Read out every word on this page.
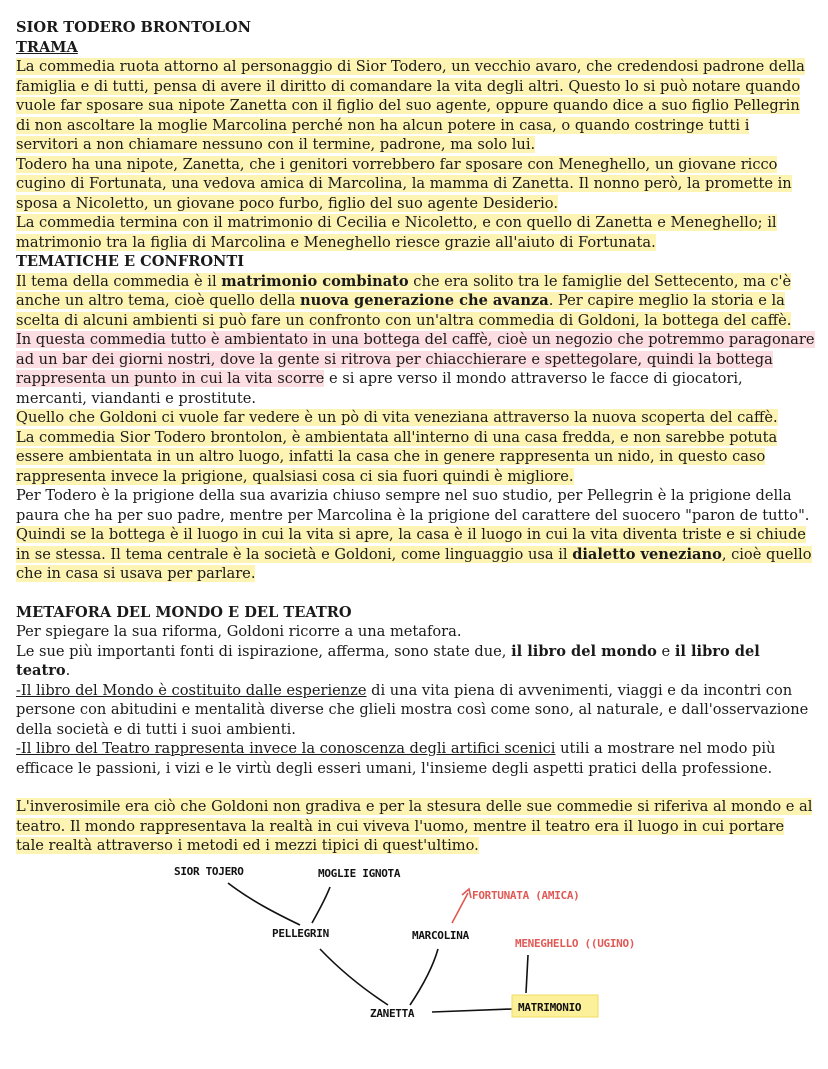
SIOR TODERO BRONTOLON

TRAMA

La commedia ruota attorno al personaggio di Sior Todero, un vecchio avaro, che credendosi padrone della famiglia e di tutti, pensa di avere il diritto di comandare la vita degli altri. Questo lo si può notare quando vuole far sposare sua nipote Zanetta con il figlio del suo agente, oppure quando dice a suo figlio Pellegrin di non ascoltare la moglie Marcolina perché non ha alcun potere in casa, o quando costringe tutti i servitori a non chiamare nessuno con il termine, padrone, ma solo lui.

Todero ha una nipote, Zanetta, che i genitori vorrebbero far sposare con Meneghello, un giovane ricco cugino di Fortunata, una vedova amica di Marcolina, la mamma di Zanetta. Il nonno però, la promette in sposa a Nicoletto, un giovane poco furbo, figlio del suo agente Desiderio.

La commedia termina con il matrimonio di Cecilia e Nicoletto, e con quello di Zanetta e Meneghello; il matrimonio tra la figlia di Marcolina e Meneghello riesce grazie all'aiuto di Fortunata.

TEMATICHE E CONFRONTI

Il tema della commedia è il matrimonio combinato che era solito tra le famiglie del Settecento, ma c'è anche un altro tema, cioè quello della nuova generazione che avanza. Per capire meglio la storia e la scelta di alcuni ambienti si può fare un confronto con un'altra commedia di Goldoni, la bottega del caffè.

In questa commedia tutto è ambientato in una bottega del caffè, cioè un negozio che potremmo paragonare ad un bar dei giorni nostri, dove la gente si ritrova per chiacchierare e spettegolare, quindi la bottega rappresenta un punto in cui la vita scorre e si apre verso il mondo attraverso le facce di giocatori, mercanti, viandanti e prostitute.

Quello che Goldoni ci vuole far vedere è un pò di vita veneziana attraverso la nuova scoperta del caffè.

La commedia Sior Todero brontolon, è ambientata all'interno di una casa fredda, e non sarebbe potuta essere ambientata in un altro luogo, infatti la casa che in genere rappresenta un nido, in questo caso rappresenta invece la prigione, qualsiasi cosa ci sia fuori quindi è migliore.

Per Todero è la prigione della sua avarizia chiuso sempre nel suo studio, per Pellegrin è la prigione della paura che ha per suo padre, mentre per Marcolina è la prigione del carattere del suocero "paron de tutto".

Quindi se la bottega è il luogo in cui la vita si apre, la casa è il luogo in cui la vita diventa triste e si chiude in se stessa. Il tema centrale è la società e Goldoni, come linguaggio usa il dialetto veneziano, cioè quello che in casa si usava per parlare.

METAFORA DEL MONDO E DEL TEATRO

Per spiegare la sua riforma, Goldoni ricorre a una metafora.

Le sue più importanti fonti di ispirazione, afferma, sono state due, il libro del mondo e il libro del teatro.

-Il libro del Mondo è costituito dalle esperienze di una vita piena di avvenimenti, viaggi e da incontri con persone con abitudini e mentalità diverse che glieli mostra così come sono, al naturale, e dall'osservazione della società e di tutti i suoi ambienti.

-Il libro del Teatro rappresenta invece la conoscenza degli artifici scenici utili a mostrare nel modo più efficace le passioni, i vizi e le virtù degli esseri umani, l'insieme degli aspetti pratici della professione.

L'inverosimile era ciò che Goldoni non gradiva e per la stesura delle sue commedie si riferiva al mondo e al teatro. Il mondo rappresentava la realtà in cui viveva l'uomo, mentre il teatro era il luogo in cui portare tale realtà attraverso i metodi ed i mezzi tipici di quest'ultimo.

SIOR TOJERO	MOGLIE IGNOTA
PELLEGRIN	MARCOLINA
FORTUNATA (AMICA)
MENEGHELLO ((UGINO)
ZANETTA	MATRIMONIO
